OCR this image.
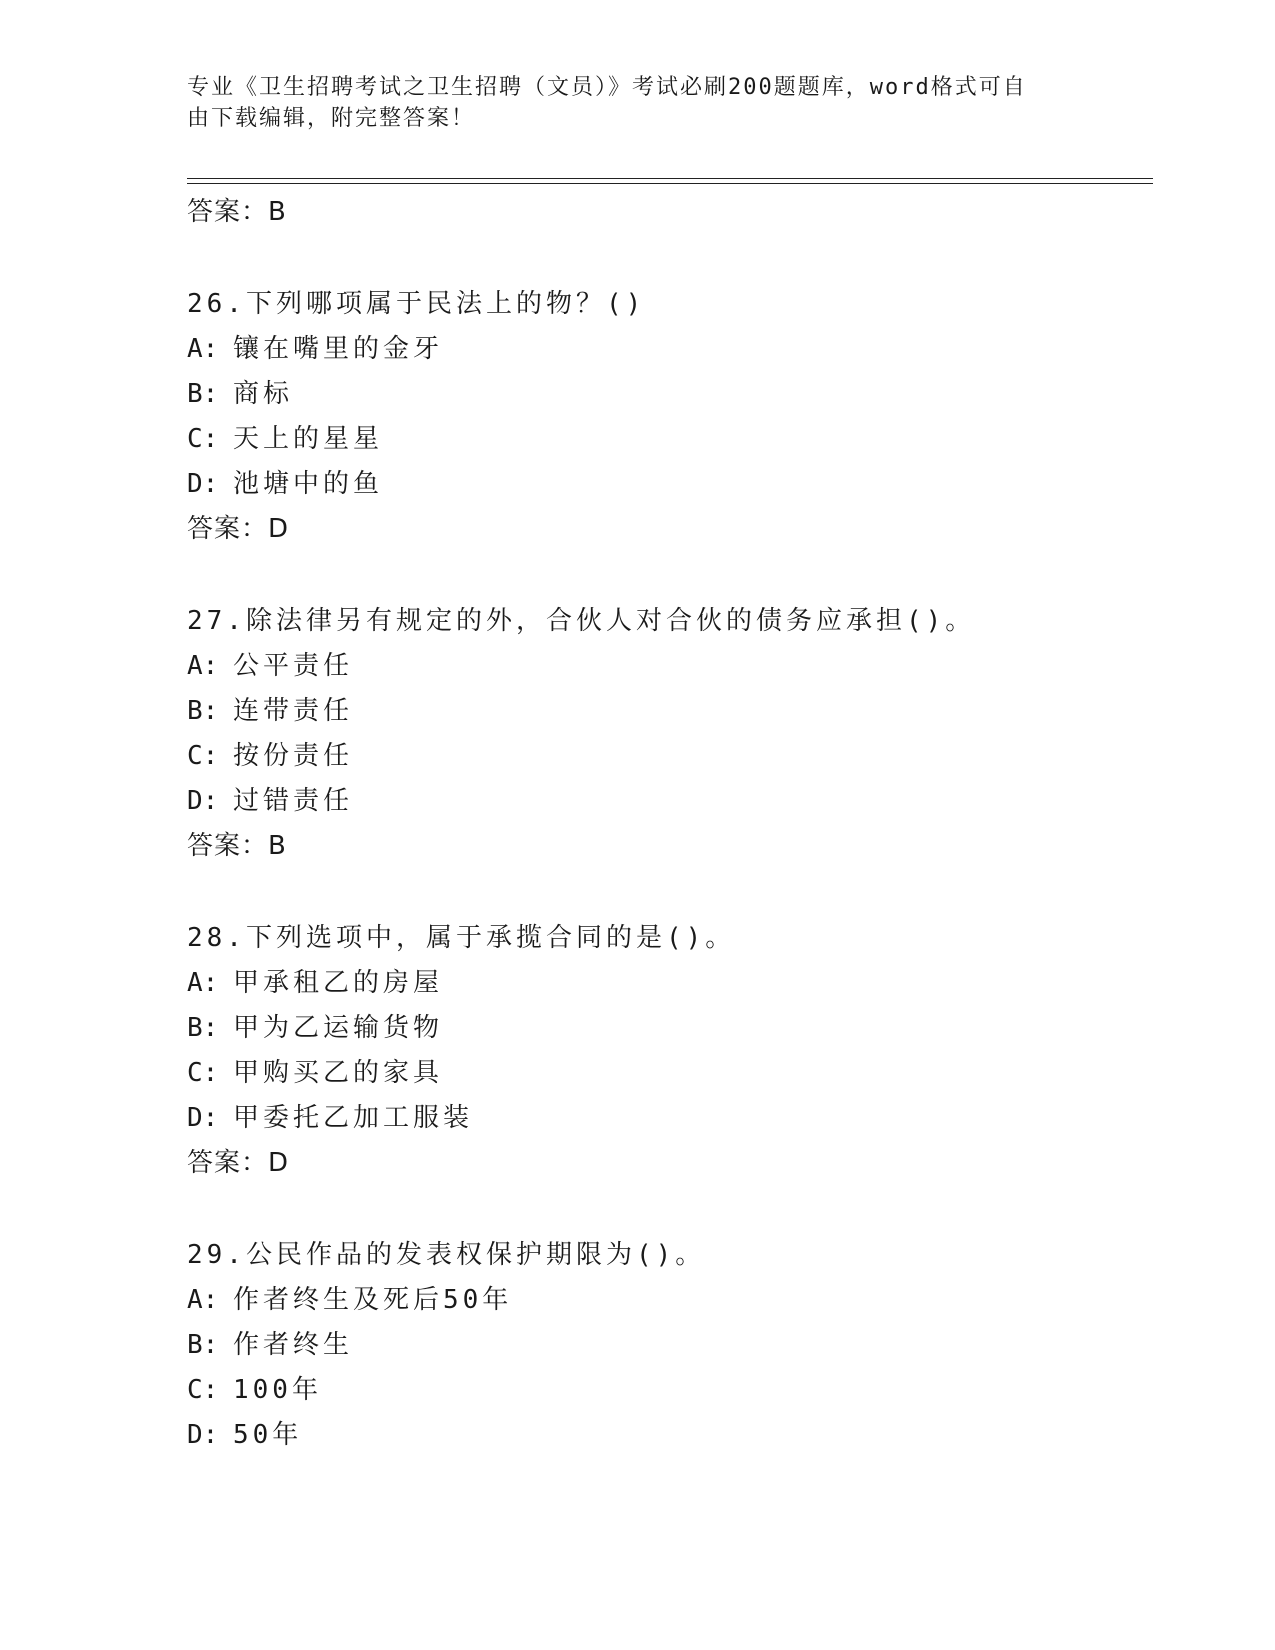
专业《卫生招聘考试之卫生招聘（文员）》考试必刷200题题库，word格式可自
由下载编辑，附完整答案！
答案：B
26.下列哪项属于民法上的物？()
A: 镶在嘴里的金牙
B: 商标
C: 天上的星星
D: 池塘中的鱼
答案：D
27.除法律另有规定的外，合伙人对合伙的债务应承担()。
A: 公平责任
B: 连带责任
C: 按份责任
D: 过错责任
答案：B
28.下列选项中，属于承揽合同的是()。
A: 甲承租乙的房屋
B: 甲为乙运输货物
C: 甲购买乙的家具
D: 甲委托乙加工服装
答案：D
29.公民作品的发表权保护期限为()。
A: 作者终生及死后50年
B: 作者终生
C: 100年
D: 50年
